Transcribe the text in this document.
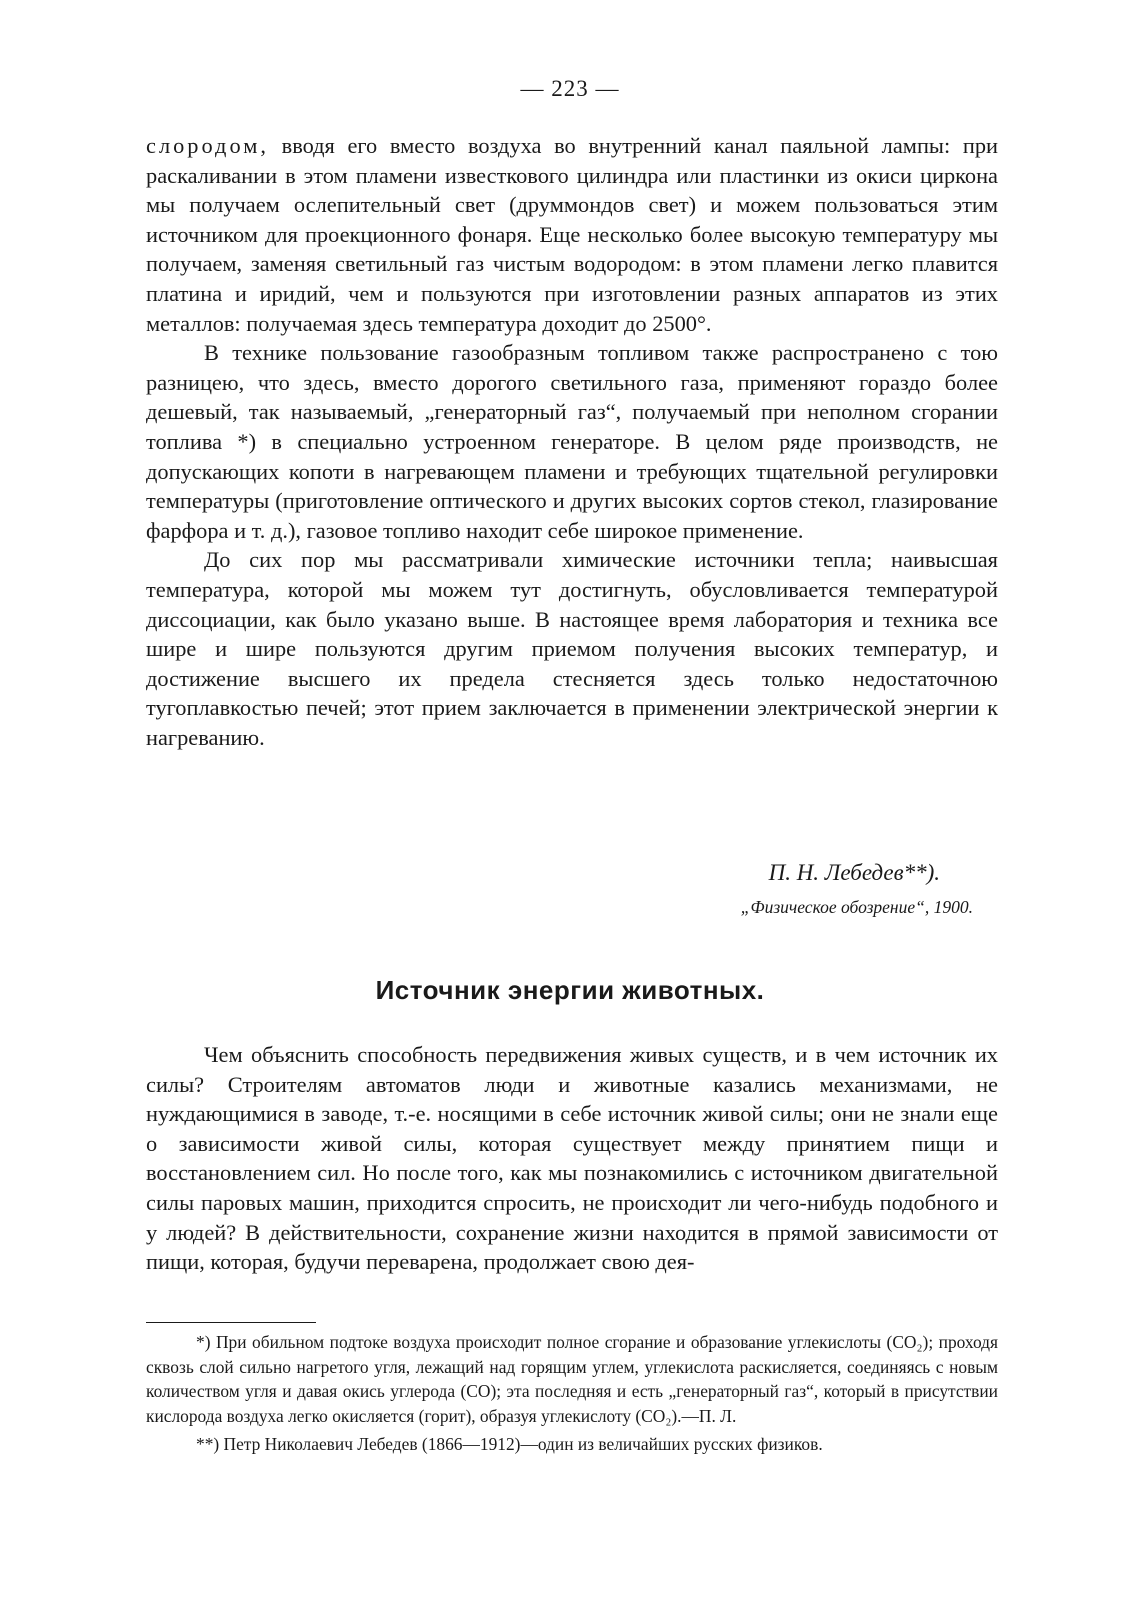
— 223 —

слородом, вводя его вместо воздуха во внутренний канал паяльной лампы: при раскаливании в этом пламени известкового цилиндра или пластинки из окиси циркона мы получаем ослепительный свет (друммондов свет) и можем пользоваться этим источником для проекционного фонаря. Еще несколько более высокую температуру мы получаем, заменяя светильный газ чистым водородом: в этом пламени легко плавится платина и иридий, чем и пользуются при изготовлении разных аппаратов из этих металлов: получаемая здесь температура доходит до 2500°.

В технике пользование газообразным топливом также распространено с тою разницею, что здесь, вместо дорогого светильного газа, применяют гораздо более дешевый, так называемый, „генераторный газ“, получаемый при неполном сгорании топлива *) в специально устроенном генераторе. В целом ряде производств, не допускающих копоти в нагревающем пламени и требующих тщательной регулировки температуры (приготовление оптического и других высоких сортов стекол, глазирование фарфора и т. д.), газовое топливо находит себе широкое применение.

До сих пор мы рассматривали химические источники тепла; наивысшая температура, которой мы можем тут достигнуть, обусловливается температурой диссоциации, как было указано выше. В настоящее время лаборатория и техника все шире и шире пользуются другим приемом получения высоких температур, и достижение высшего их предела стесняется здесь только недостаточною тугоплавкостью печей; этот прием заключается в применении электрической энергии к нагреванию.

П. Н. Лебедев**).
„Физическое обозрение“, 1900.
Источник энергии животных.

Чем объяснить способность передвижения живых существ, и в чем источник их силы? Строителям автоматов люди и животные казались механизмами, не нуждающимися в заводе, т.-е. носящими в себе источник живой силы; они не знали еще о зависимости живой силы, которая существует между принятием пищи и восстановлением сил. Но после того, как мы познакомились с источником двигательной силы паровых машин, приходится спросить, не происходит ли чего-нибудь подобного и у людей? В действительности, сохранение жизни находится в прямой зависимости от пищи, которая, будучи переварена, продолжает свою дея-

*) При обильном подтоке воздуха происходит полное сгорание и образование углекислоты (CO₂); проходя сквозь слой сильно нагретого угля, лежащий над горящим углем, углекислота раскисляется, соединяясь с новым количеством угля и давая окись углерода (CO); эта последняя и есть „генераторный газ“, который в присутствии кислорода воздуха легко окисляется (горит), образуя углекислоту (CO₂).—П. Л.

**) Петр Николаевич Лебедев (1866—1912)—один из величайших русских физиков.
